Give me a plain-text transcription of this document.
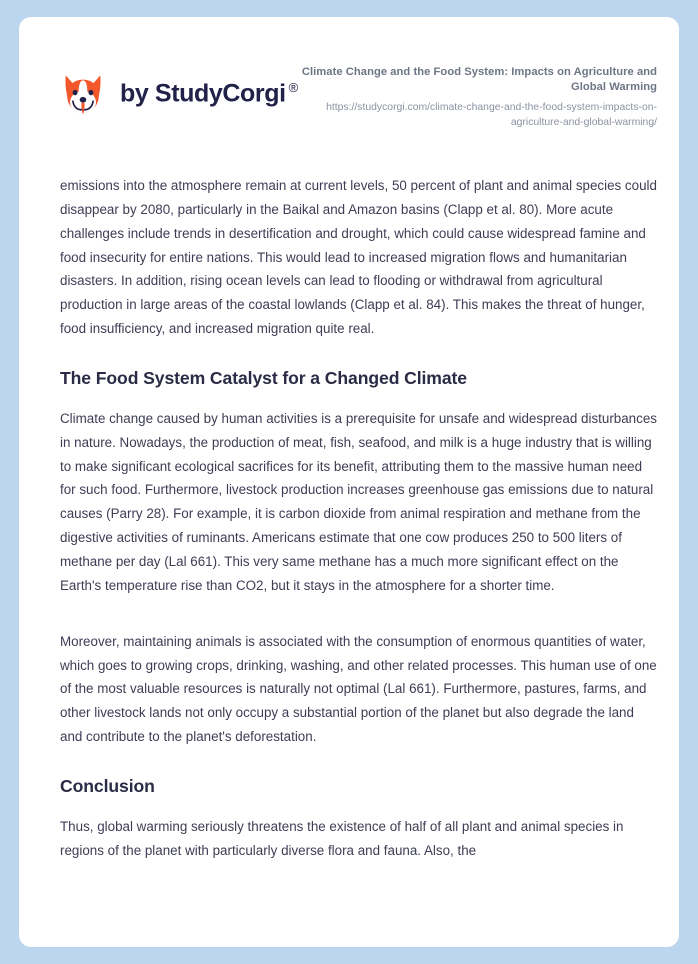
by StudyCorgi ®
Climate Change and the Food System: Impacts on Agriculture and Global Warming
https://studycorgi.com/climate-change-and-the-food-system-impacts-on-agriculture-and-global-warming/

emissions into the atmosphere remain at current levels, 50 percent of plant and animal species could disappear by 2080, particularly in the Baikal and Amazon basins (Clapp et al. 80). More acute challenges include trends in desertification and drought, which could cause widespread famine and food insecurity for entire nations. This would lead to increased migration flows and humanitarian disasters. In addition, rising ocean levels can lead to flooding or withdrawal from agricultural production in large areas of the coastal lowlands (Clapp et al. 84). This makes the threat of hunger, food insufficiency, and increased migration quite real.

The Food System Catalyst for a Changed Climate

Climate change caused by human activities is a prerequisite for unsafe and widespread disturbances in nature. Nowadays, the production of meat, fish, seafood, and milk is a huge industry that is willing to make significant ecological sacrifices for its benefit, attributing them to the massive human need for such food. Furthermore, livestock production increases greenhouse gas emissions due to natural causes (Parry 28). For example, it is carbon dioxide from animal respiration and methane from the digestive activities of ruminants. Americans estimate that one cow produces 250 to 500 liters of methane per day (Lal 661). This very same methane has a much more significant effect on the Earth's temperature rise than CO2, but it stays in the atmosphere for a shorter time.

Moreover, maintaining animals is associated with the consumption of enormous quantities of water, which goes to growing crops, drinking, washing, and other related processes. This human use of one of the most valuable resources is naturally not optimal (Lal 661). Furthermore, pastures, farms, and other livestock lands not only occupy a substantial portion of the planet but also degrade the land and contribute to the planet's deforestation.

Conclusion

Thus, global warming seriously threatens the existence of half of all plant and animal species in regions of the planet with particularly diverse flora and fauna. Also, the
